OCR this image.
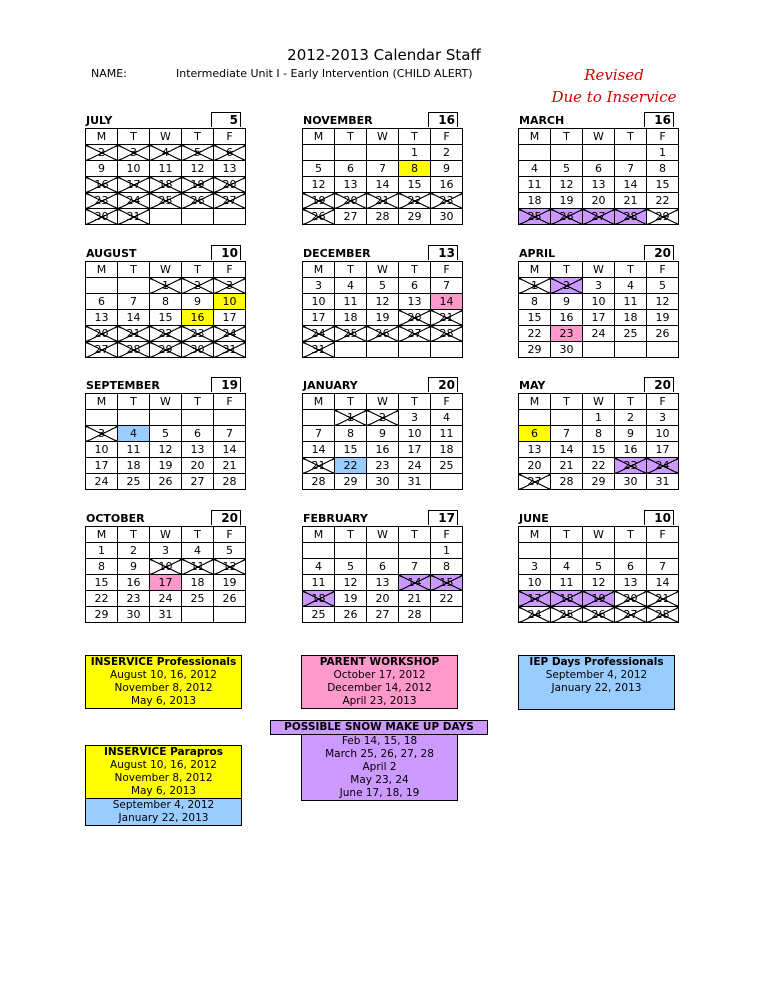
2012-2013 Calendar Staff
NAME:	Intermediate Unit I - Early Intervention (CHILD ALERT)	Revised
Due to Inservice
JULY	5
M	T	W	T	F
2	3	4	5	6
9	10	11	12	13
16	17	18	19	20
23	24	25	26	27
30	31			
NOVEMBER	16
M	T	W	T	F
			1	2
5	6	7	8	9
12	13	14	15	16
19	20	21	22	23
26	27	28	29	30
MARCH	16
M	T	W	T	F
				1
4	5	6	7	8
11	12	13	14	15
18	19	20	21	22
25	26	27	28	29
AUGUST	10
M	T	W	T	F
		1	2	3
6	7	8	9	10
13	14	15	16	17
20	21	22	23	24
27	28	29	30	31
DECEMBER	13
M	T	W	T	F
3	4	5	6	7
10	11	12	13	14
17	18	19	20	21
24	25	26	27	28
31				
APRIL	20
M	T	W	T	F
1	2	3	4	5
8	9	10	11	12
15	16	17	18	19
22	23	24	25	26
29	30			
SEPTEMBER	19
M	T	W	T	F

3	4	5	6	7
10	11	12	13	14
17	18	19	20	21
24	25	26	27	28
JANUARY	20
M	T	W	T	F
	1	2	3	4
7	8	9	10	11
14	15	16	17	18
21	22	23	24	25
28	29	30	31	
MAY	20
M	T	W	T	F
		1	2	3
6	7	8	9	10
13	14	15	16	17
20	21	22	23	24
27	28	29	30	31
OCTOBER	20
M	T	W	T	F
1	2	3	4	5
8	9	10	11	12
15	16	17	18	19
22	23	24	25	26
29	30	31		
FEBRUARY	17
M	T	W	T	F
				1
4	5	6	7	8
11	12	13	14	15
18	19	20	21	22
25	26	27	28	
JUNE	10
M	T	W	T	F

3	4	5	6	7
10	11	12	13	14
17	18	19	20	21
24	25	26	27	28
INSERVICE Professionals
August 10, 16, 2012
November 8, 2012
May 6, 2013
PARENT WORKSHOP
October 17, 2012
December 14, 2012
April 23, 2013
IEP Days Professionals
September 4, 2012
January 22, 2013
POSSIBLE SNOW MAKE UP DAYS
Feb 14, 15, 18
March 25, 26, 27, 28
April 2
May 23, 24
June 17, 18, 19
INSERVICE Parapros
August 10, 16, 2012
November 8, 2012
May 6, 2013
September 4, 2012
January 22, 2013
